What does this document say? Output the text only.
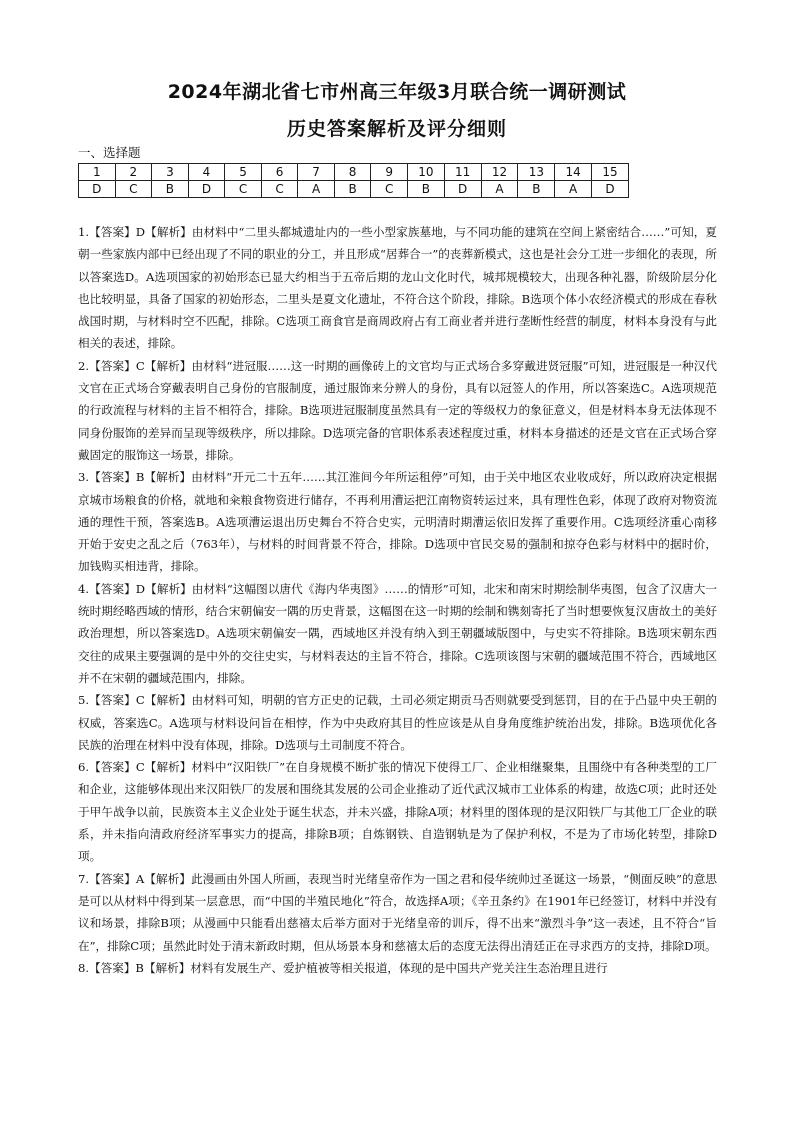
2024年湖北省七市州高三年级3月联合统一调研测试
历史答案解析及评分细则
一、选择题
1	2	3	4	5	6	7	8	9	10	11	12	13	14	15
D	C	B	D	C	C	A	B	C	B	D	A	B	A	D

1.【答案】D【解析】由材料中“二里头都城遗址内的一些小型家族墓地，与不同功能的建筑在空间上紧密结合……”可知，夏朝一些家族内部中已经出现了不同的职业的分工，并且形成“居葬合一”的丧葬新模式，这也是社会分工进一步细化的表现，所以答案选D。A选项国家的初始形态已显大约相当于五帝后期的龙山文化时代，城邦规模较大，出现各种礼器，阶级阶层分化也比较明显，具备了国家的初始形态，二里头是夏文化遗址，不符合这个阶段，排除。B选项个体小农经济模式的形成在春秋战国时期，与材料时空不匹配，排除。C选项工商食官是商周政府占有工商业者并进行垄断性经营的制度，材料本身没有与此相关的表述，排除。

2.【答案】C【解析】由材料“进冠服……这一时期的画像砖上的文官均与正式场合多穿戴进贤冠服”可知，进冠服是一种汉代文官在正式场合穿戴表明自己身份的官服制度，通过服饰来分辨人的身份，具有以冠签人的作用，所以答案选C。A选项规范的行政流程与材料的主旨不相符合，排除。B选项进冠服制度虽然具有一定的等级权力的象征意义，但是材料本身无法体现不同身份服饰的差异而呈现等级秩序，所以排除。D选项完备的官职体系表述程度过重，材料本身描述的还是文官在正式场合穿戴固定的服饰这一场景，排除。

3.【答案】B【解析】由材料“开元二十五年……其江淮间今年所运租停”可知，由于关中地区农业收成好，所以政府决定根据京城市场粮食的价格，就地和籴粮食物资进行储存，不再利用漕运把江南物资转运过来，具有理性色彩，体现了政府对物资流通的理性干预，答案选B。A选项漕运退出历史舞台不符合史实，元明清时期漕运依旧发挥了重要作用。C选项经济重心南移开始于安史之乱之后（763年），与材料的时间背景不符合，排除。D选项中官民交易的强制和掠夺色彩与材料中的据时价，加钱购买相违背，排除。

4.【答案】D【解析】由材料“这幅图以唐代《海内华夷图》……的情形”可知，北宋和南宋时期绘制华夷图，包含了汉唐大一统时期经略西域的情形，结合宋朝偏安一隅的历史背景，这幅图在这一时期的绘制和镌刻寄托了当时想要恢复汉唐故土的美好政治理想，所以答案选D。A选项宋朝偏安一隅，西域地区并没有纳入到王朝疆域版图中，与史实不符排除。B选项宋朝东西交往的成果主要强调的是中外的交往史实，与材料表达的主旨不符合，排除。C选项该图与宋朝的疆域范围不符合，西域地区并不在宋朝的疆域范围内，排除。

5.【答案】C【解析】由材料可知，明朝的官方正史的记载，土司必须定期贡马否则就要受到惩罚，目的在于凸显中央王朝的权威，答案选C。A选项与材料设问旨在相悖，作为中央政府其目的性应该是从自身角度维护统治出发，排除。B选项优化各民族的治理在材料中没有体现，排除。D选项与土司制度不符合。

6.【答案】C【解析】材料中“汉阳铁厂”在自身规模不断扩张的情况下使得工厂、企业相继聚集，且围绕中有各种类型的工厂和企业，这能够体现出来汉阳铁厂的发展和围绕其发展的公司企业推动了近代武汉城市工业体系的构建，故选C项；此时还处于甲午战争以前，民族资本主义企业处于诞生状态，并未兴盛，排除A项；材料里的图体现的是汉阳铁厂与其他工厂企业的联系，并未指向清政府经济军事实力的提高，排除B项；自炼钢铁、自造钢轨是为了保护利权，不是为了市场化转型，排除D项。

7.【答案】A【解析】此漫画由外国人所画，表现当时光绪皇帝作为一国之君和侵华统帅过圣诞这一场景，“侧面反映”的意思是可以从材料中得到某一层意思，而“中国的半殖民地化”符合，故选择A项；《辛丑条约》在1901年已经签订，材料中并没有议和场景，排除B项；从漫画中只能看出慈禧太后举方面对于光绪皇帝的训斥，得不出来“激烈斗争”这一表述，且不符合“旨在”，排除C项；虽然此时处于清末新政时期，但从场景本身和慈禧太后的态度无法得出清廷正在寻求西方的支持，排除D项。

8.【答案】B【解析】材料有发展生产、爱护植被等相关报道，体现的是中国共产党关注生态治理且进行
